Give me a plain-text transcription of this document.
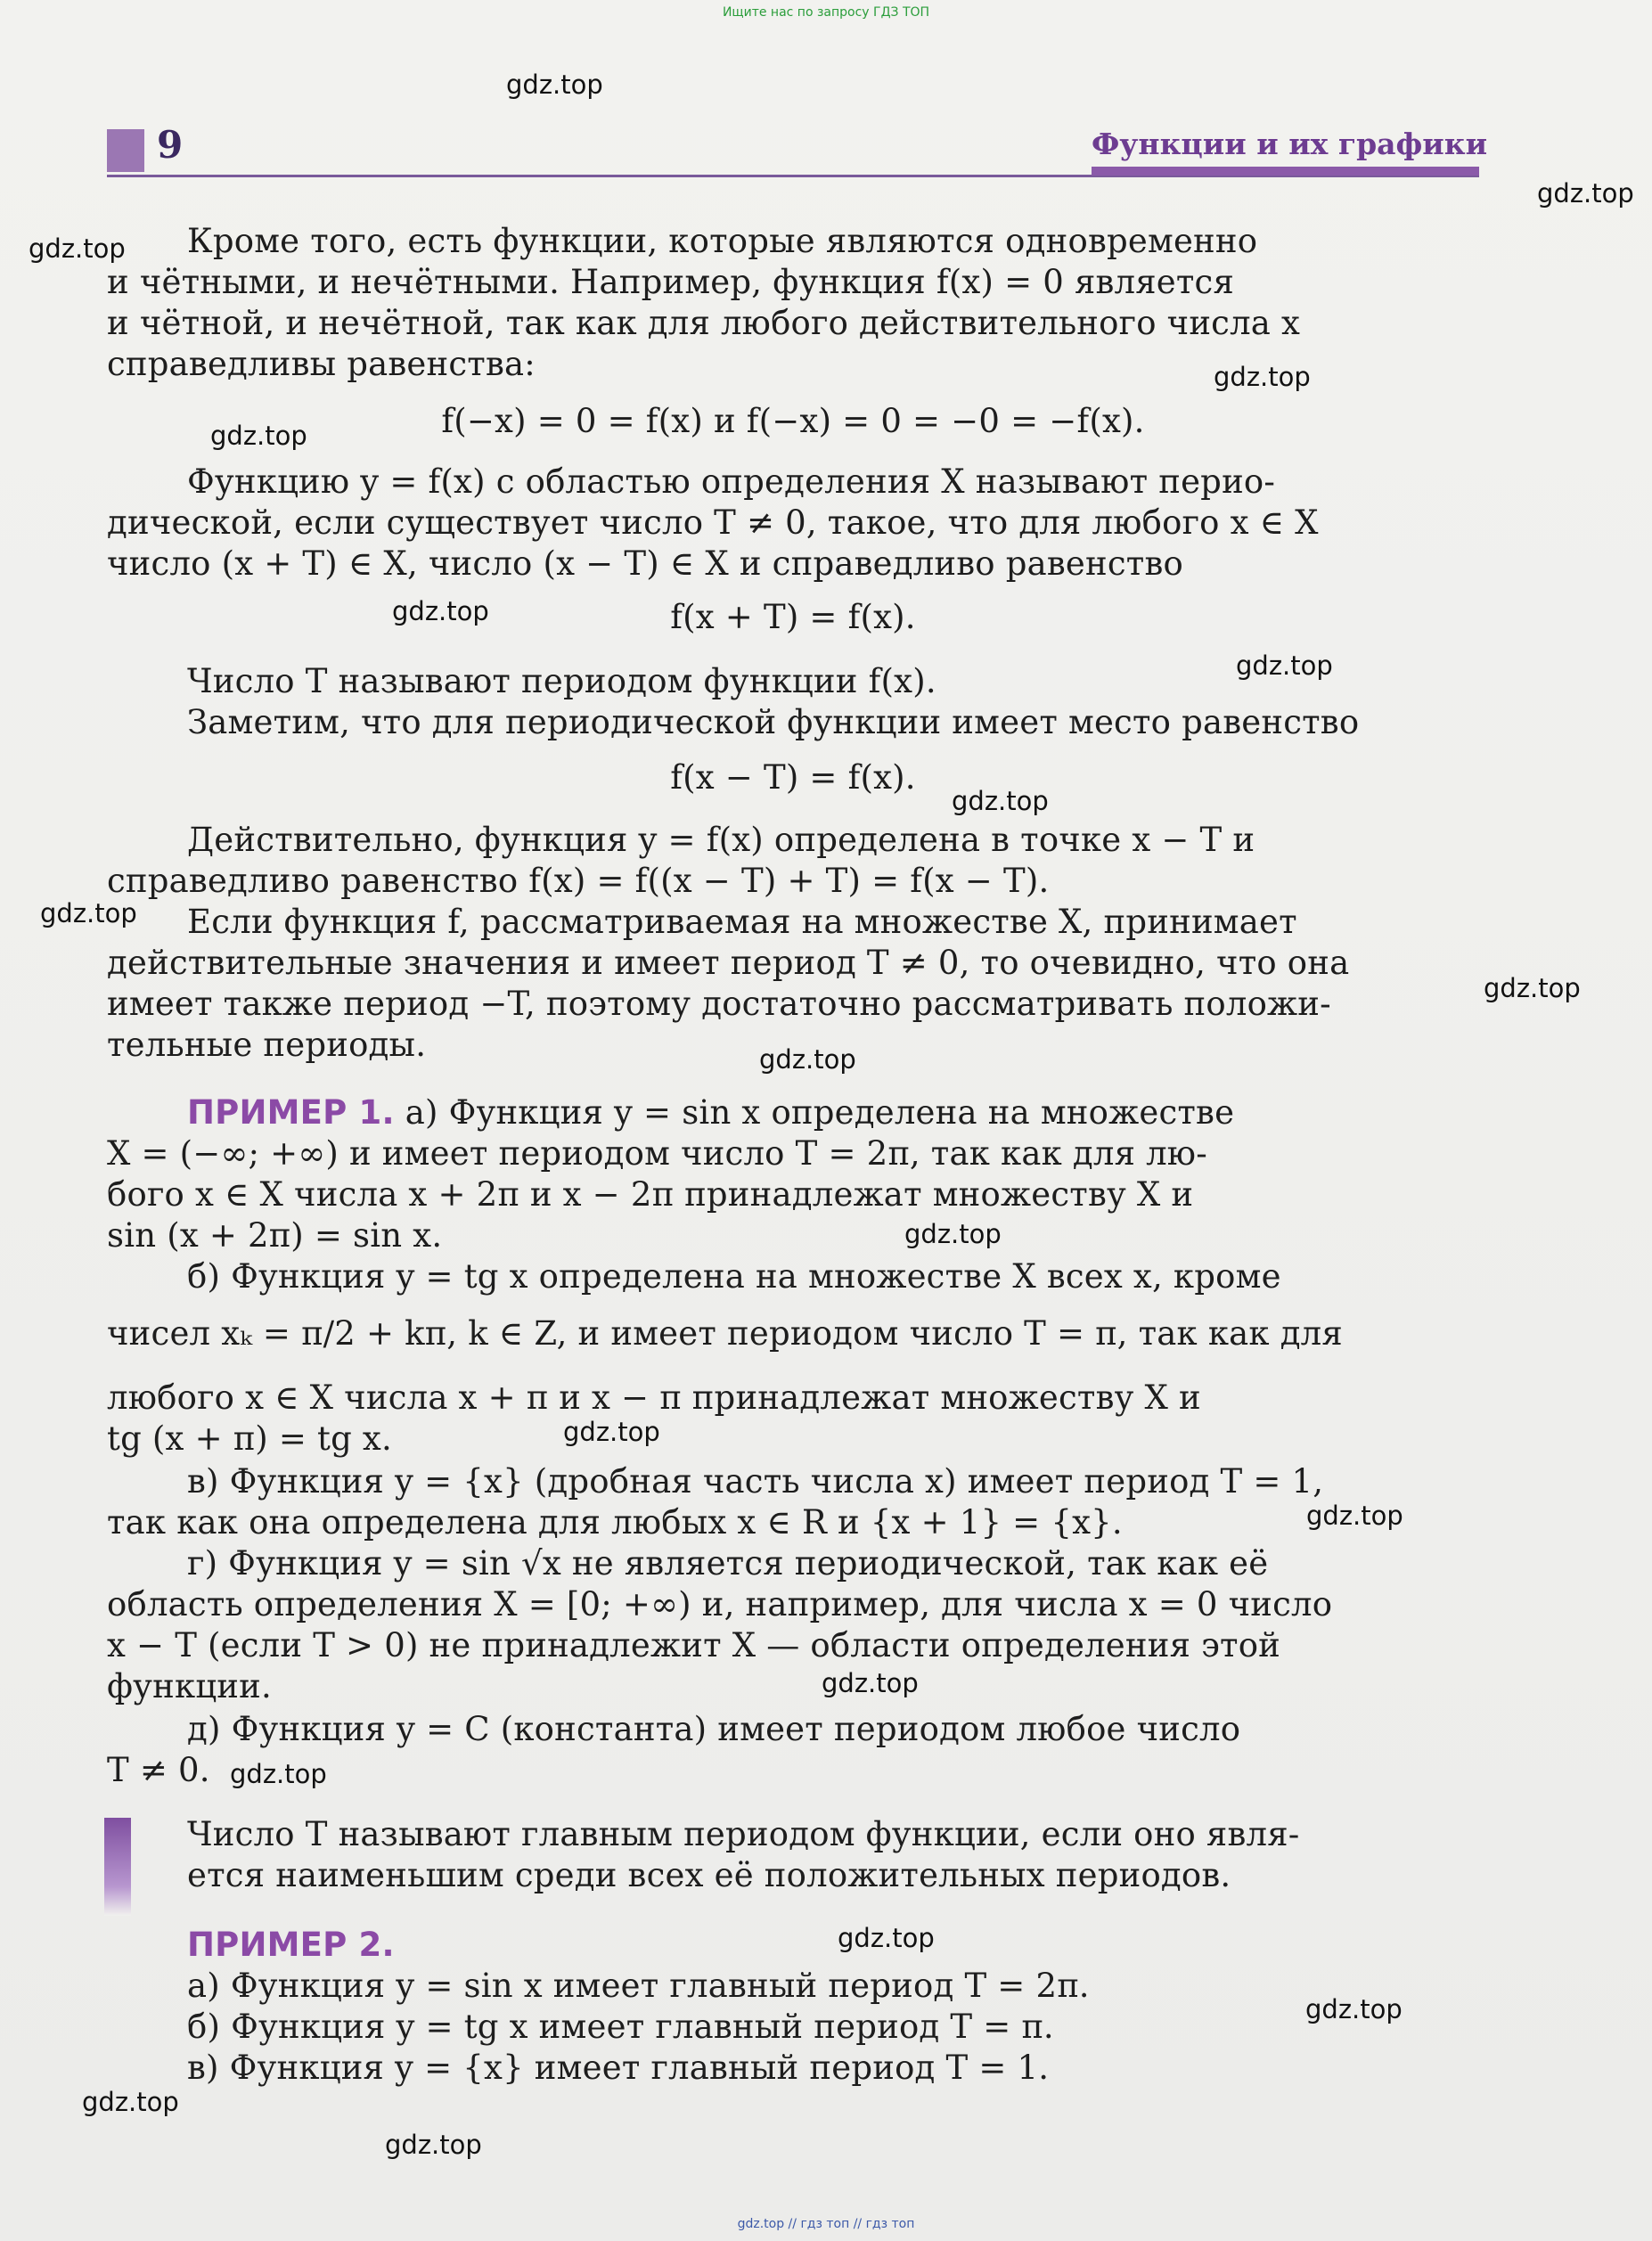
Ищите нас по запросу ГДЗ ТОП
9	Функции и их графики
gdz.top
gdz.top
gdz.top
gdz.top
gdz.top
gdz.top
gdz.top
gdz.top
gdz.top
gdz.top
gdz.top
gdz.top
gdz.top
gdz.top
gdz.top
gdz.top
gdz.top
gdz.top
gdz.top
gdz.top
Кроме того, есть функции, которые являются одновременно
и чётными, и нечётными. Например, функция f(x) = 0 является
и чётной, и нечётной, так как для любого действительного числа x
справедливы равенства:
f(−x) = 0 = f(x) и f(−x) = 0 = −0 = −f(x).
Функцию y = f(x) с областью определения X называют перио-
дической, если существует число T ≠ 0, такое, что для любого x ∈ X
число (x + T) ∈ X, число (x − T) ∈ X и справедливо равенство
f(x + T) = f(x).
Число T называют периодом функции f(x).
Заметим, что для периодической функции имеет место равенство
f(x − T) = f(x).
Действительно, функция y = f(x) определена в точке x − T и
справедливо равенство f(x) = f((x − T) + T) = f(x − T).
Если функция f, рассматриваемая на множестве X, принимает
действительные значения и имеет период T ≠ 0, то очевидно, что она
имеет также период −T, поэтому достаточно рассматривать положи-
тельные периоды.
ПРИМЕР 1. а) Функция y = sin x определена на множестве
X = (−∞; +∞) и имеет периодом число T = 2π, так как для лю-
бого x ∈ X числа x + 2π и x − 2π принадлежат множеству X и
sin (x + 2π) = sin x.
б) Функция y = tg x определена на множестве X всех x, кроме
чисел xₖ = π/2 + kπ, k ∈ Z, и имеет периодом число T = π, так как для
любого x ∈ X числа x + π и x − π принадлежат множеству X и
tg (x + π) = tg x.
в) Функция y = {x} (дробная часть числа x) имеет период T = 1,
так как она определена для любых x ∈ R и {x + 1} = {x}.
г) Функция y = sin √x не является периодической, так как её
область определения X = [0; +∞) и, например, для числа x = 0 число
x − T (если T > 0) не принадлежит X — области определения этой
функции.
д) Функция y = C (константа) имеет периодом любое число
T ≠ 0.
Число T называют главным периодом функции, если оно явля-
ется наименьшим среди всех её положительных периодов.
ПРИМЕР 2.
а) Функция y = sin x имеет главный период T = 2π.
б) Функция y = tg x имеет главный период T = π.
в) Функция y = {x} имеет главный период T = 1.
gdz.top // гдз топ // гдз топ
